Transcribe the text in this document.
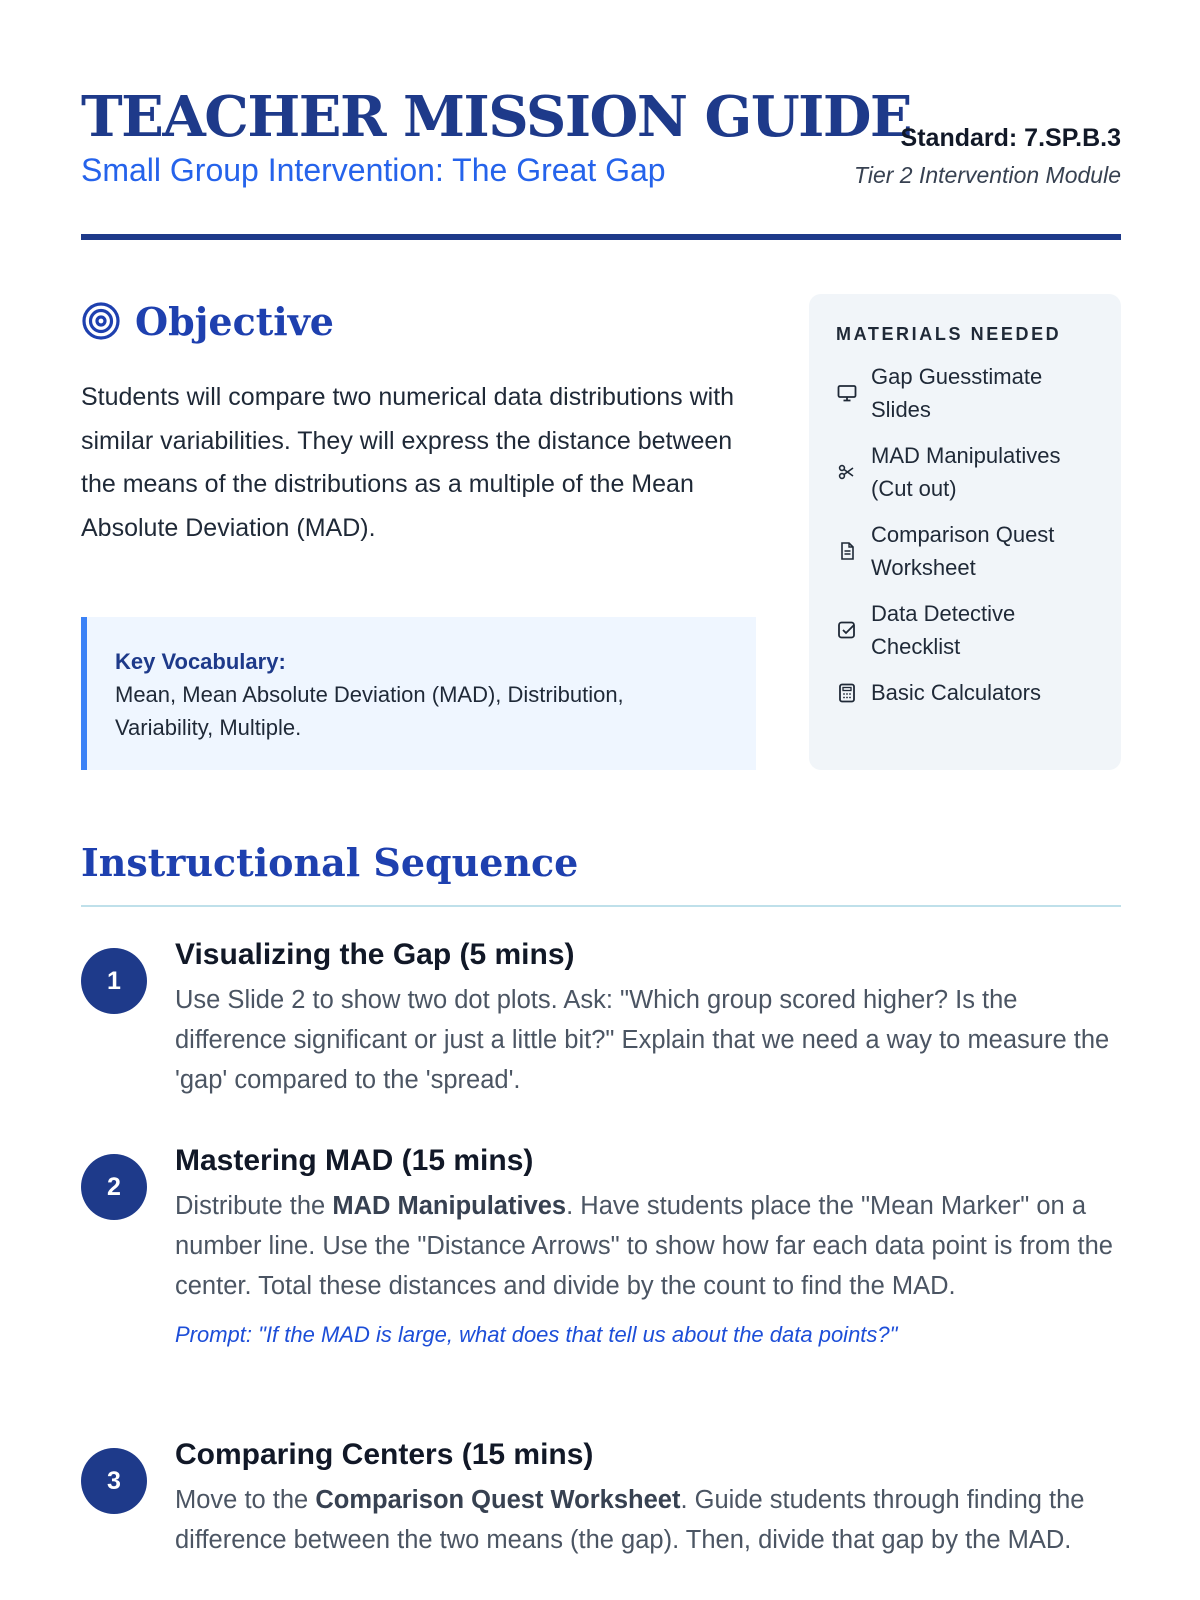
TEACHER MISSION GUIDE
Small Group Intervention: The Great Gap
Standard: 7.SP.B.3
Tier 2 Intervention Module
Objective
Students will compare two numerical data distributions with similar variabilities. They will express the distance between the means of the distributions as a multiple of the Mean Absolute Deviation (MAD).
Key Vocabulary:
Mean, Mean Absolute Deviation (MAD), Distribution, Variability, Multiple.
MATERIALS NEEDED
Gap Guesstimate Slides
MAD Manipulatives (Cut out)
Comparison Quest Worksheet
Data Detective Checklist
Basic Calculators
Instructional Sequence
1
Visualizing the Gap (5 mins)
Use Slide 2 to show two dot plots. Ask: "Which group scored higher? Is the difference significant or just a little bit?" Explain that we need a way to measure the 'gap' compared to the 'spread'.
2
Mastering MAD (15 mins)
Distribute the MAD Manipulatives. Have students place the "Mean Marker" on a number line. Use the "Distance Arrows" to show how far each data point is from the center. Total these distances and divide by the count to find the MAD.
Prompt: "If the MAD is large, what does that tell us about the data points?"
3
Comparing Centers (15 mins)
Move to the Comparison Quest Worksheet. Guide students through finding the difference between the two means (the gap). Then, divide that gap by the MAD.
